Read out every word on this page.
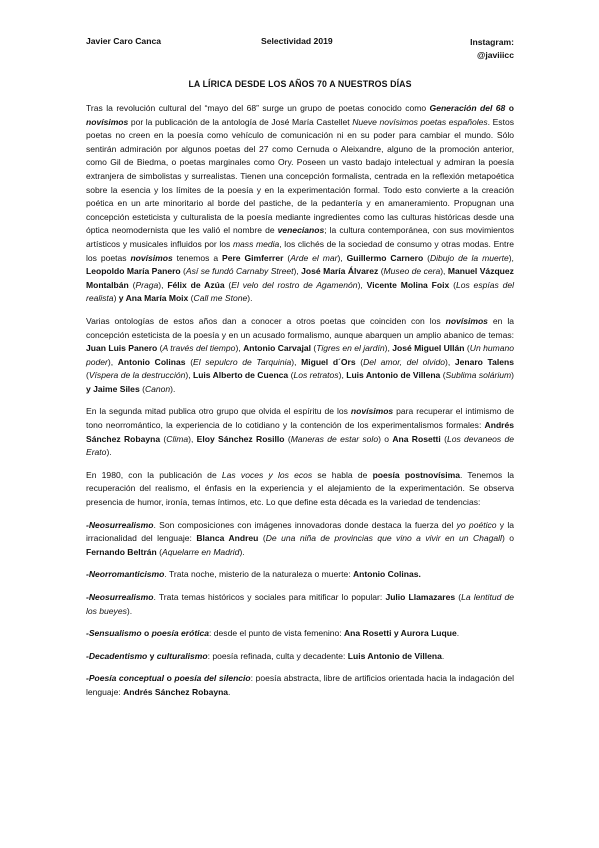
Javier Caro Canca	Selectividad 2019	Instagram:
@javiiicc
LA LÍRICA DESDE LOS AÑOS 70 A NUESTROS DÍAS

Tras la revolución cultural del “mayo del 68” surge un grupo de poetas conocido como Generación del 68 o novísimos por la publicación de la antología de José María Castellet Nueve novísimos poetas españoles. Estos poetas no creen en la poesía como vehículo de comunicación ni en su poder para cambiar el mundo. Sólo sentirán admiración por algunos poetas del 27 como Cernuda o Aleixandre, alguno de la promoción anterior, como Gil de Biedma, o poetas marginales como Ory. Poseen un vasto badajo intelectual y admiran la poesía extranjera de simbolistas y surrealistas. Tienen una concepción formalista, centrada en la reflexión metapoética sobre la esencia y los límites de la poesía y en la experimentación formal. Todo esto convierte a la creación poética en un arte minoritario al borde del pastiche, de la pedantería y en amaneramiento. Propugnan una concepción esteticista y culturalista de la poesía mediante ingredientes como las culturas históricas desde una óptica neomodernista que les valió el nombre de venecianos; la cultura contemporánea, con sus movimientos artísticos y musicales influidos por los mass media, los clichés de la sociedad de consumo y otras modas. Entre los poetas novísimos tenemos a Pere Gimferrer (Arde el mar), Guillermo Carnero (Dibujo de la muerte), Leopoldo María Panero (Así se fundó Carnaby Street), José María Álvarez (Museo de cera), Manuel Vázquez Montalbán (Praga), Félix de Azúa (El velo del rostro de Agamenón), Vicente Molina Foix (Los espías del realista) y Ana María Moix (Call me Stone).

Varias ontologías de estos años dan a conocer a otros poetas que coinciden con los novísimos en la concepción esteticista de la poesía y en un acusado formalismo, aunque abarquen un amplio abanico de temas: Juan Luis Panero (A través del tiempo), Antonio Carvajal (Tigres en el jardín), José Miguel Ullán (Un humano poder), Antonio Colinas (El sepulcro de Tarquinia), Miguel d´Ors (Del amor, del olvido), Jenaro Talens (Víspera de la destrucción), Luis Alberto de Cuenca (Los retratos), Luis Antonio de Villena (Sublima solárium) y Jaime Siles (Canon).

En la segunda mitad publica otro grupo que olvida el espíritu de los novísimos para recuperar el intimismo de tono neorromántico, la experiencia de lo cotidiano y la contención de los experimentalismos formales: Andrés Sánchez Robayna (Clima), Eloy Sánchez Rosillo (Maneras de estar solo) o Ana Rosetti (Los devaneos de Erato).

En 1980, con la publicación de Las voces y los ecos se habla de poesía postnovísima. Tenemos la recuperación del realismo, el énfasis en la experiencia y el alejamiento de la experimentación. Se observa presencia de humor, ironía, temas íntimos, etc. Lo que define esta década es la variedad de tendencias:

-Neosurrealismo. Son composiciones con imágenes innovadoras donde destaca la fuerza del yo poético y la irracionalidad del lenguaje: Blanca Andreu (De una niña de provincias que vino a vivir en un Chagall) o Fernando Beltrán (Aquelarre en Madrid).

-Neorromanticismo. Trata noche, misterio de la naturaleza o muerte: Antonio Colinas.

-Neosurrealismo. Trata temas históricos y sociales para mitificar lo popular: Julio Llamazares (La lentitud de los bueyes).

-Sensualismo o poesía erótica: desde el punto de vista femenino: Ana Rosetti y Aurora Luque.

-Decadentismo y culturalismo: poesía refinada, culta y decadente: Luis Antonio de Villena.

-Poesía conceptual o poesía del silencio: poesía abstracta, libre de artificios orientada hacia la indagación del lenguaje: Andrés Sánchez Robayna.
